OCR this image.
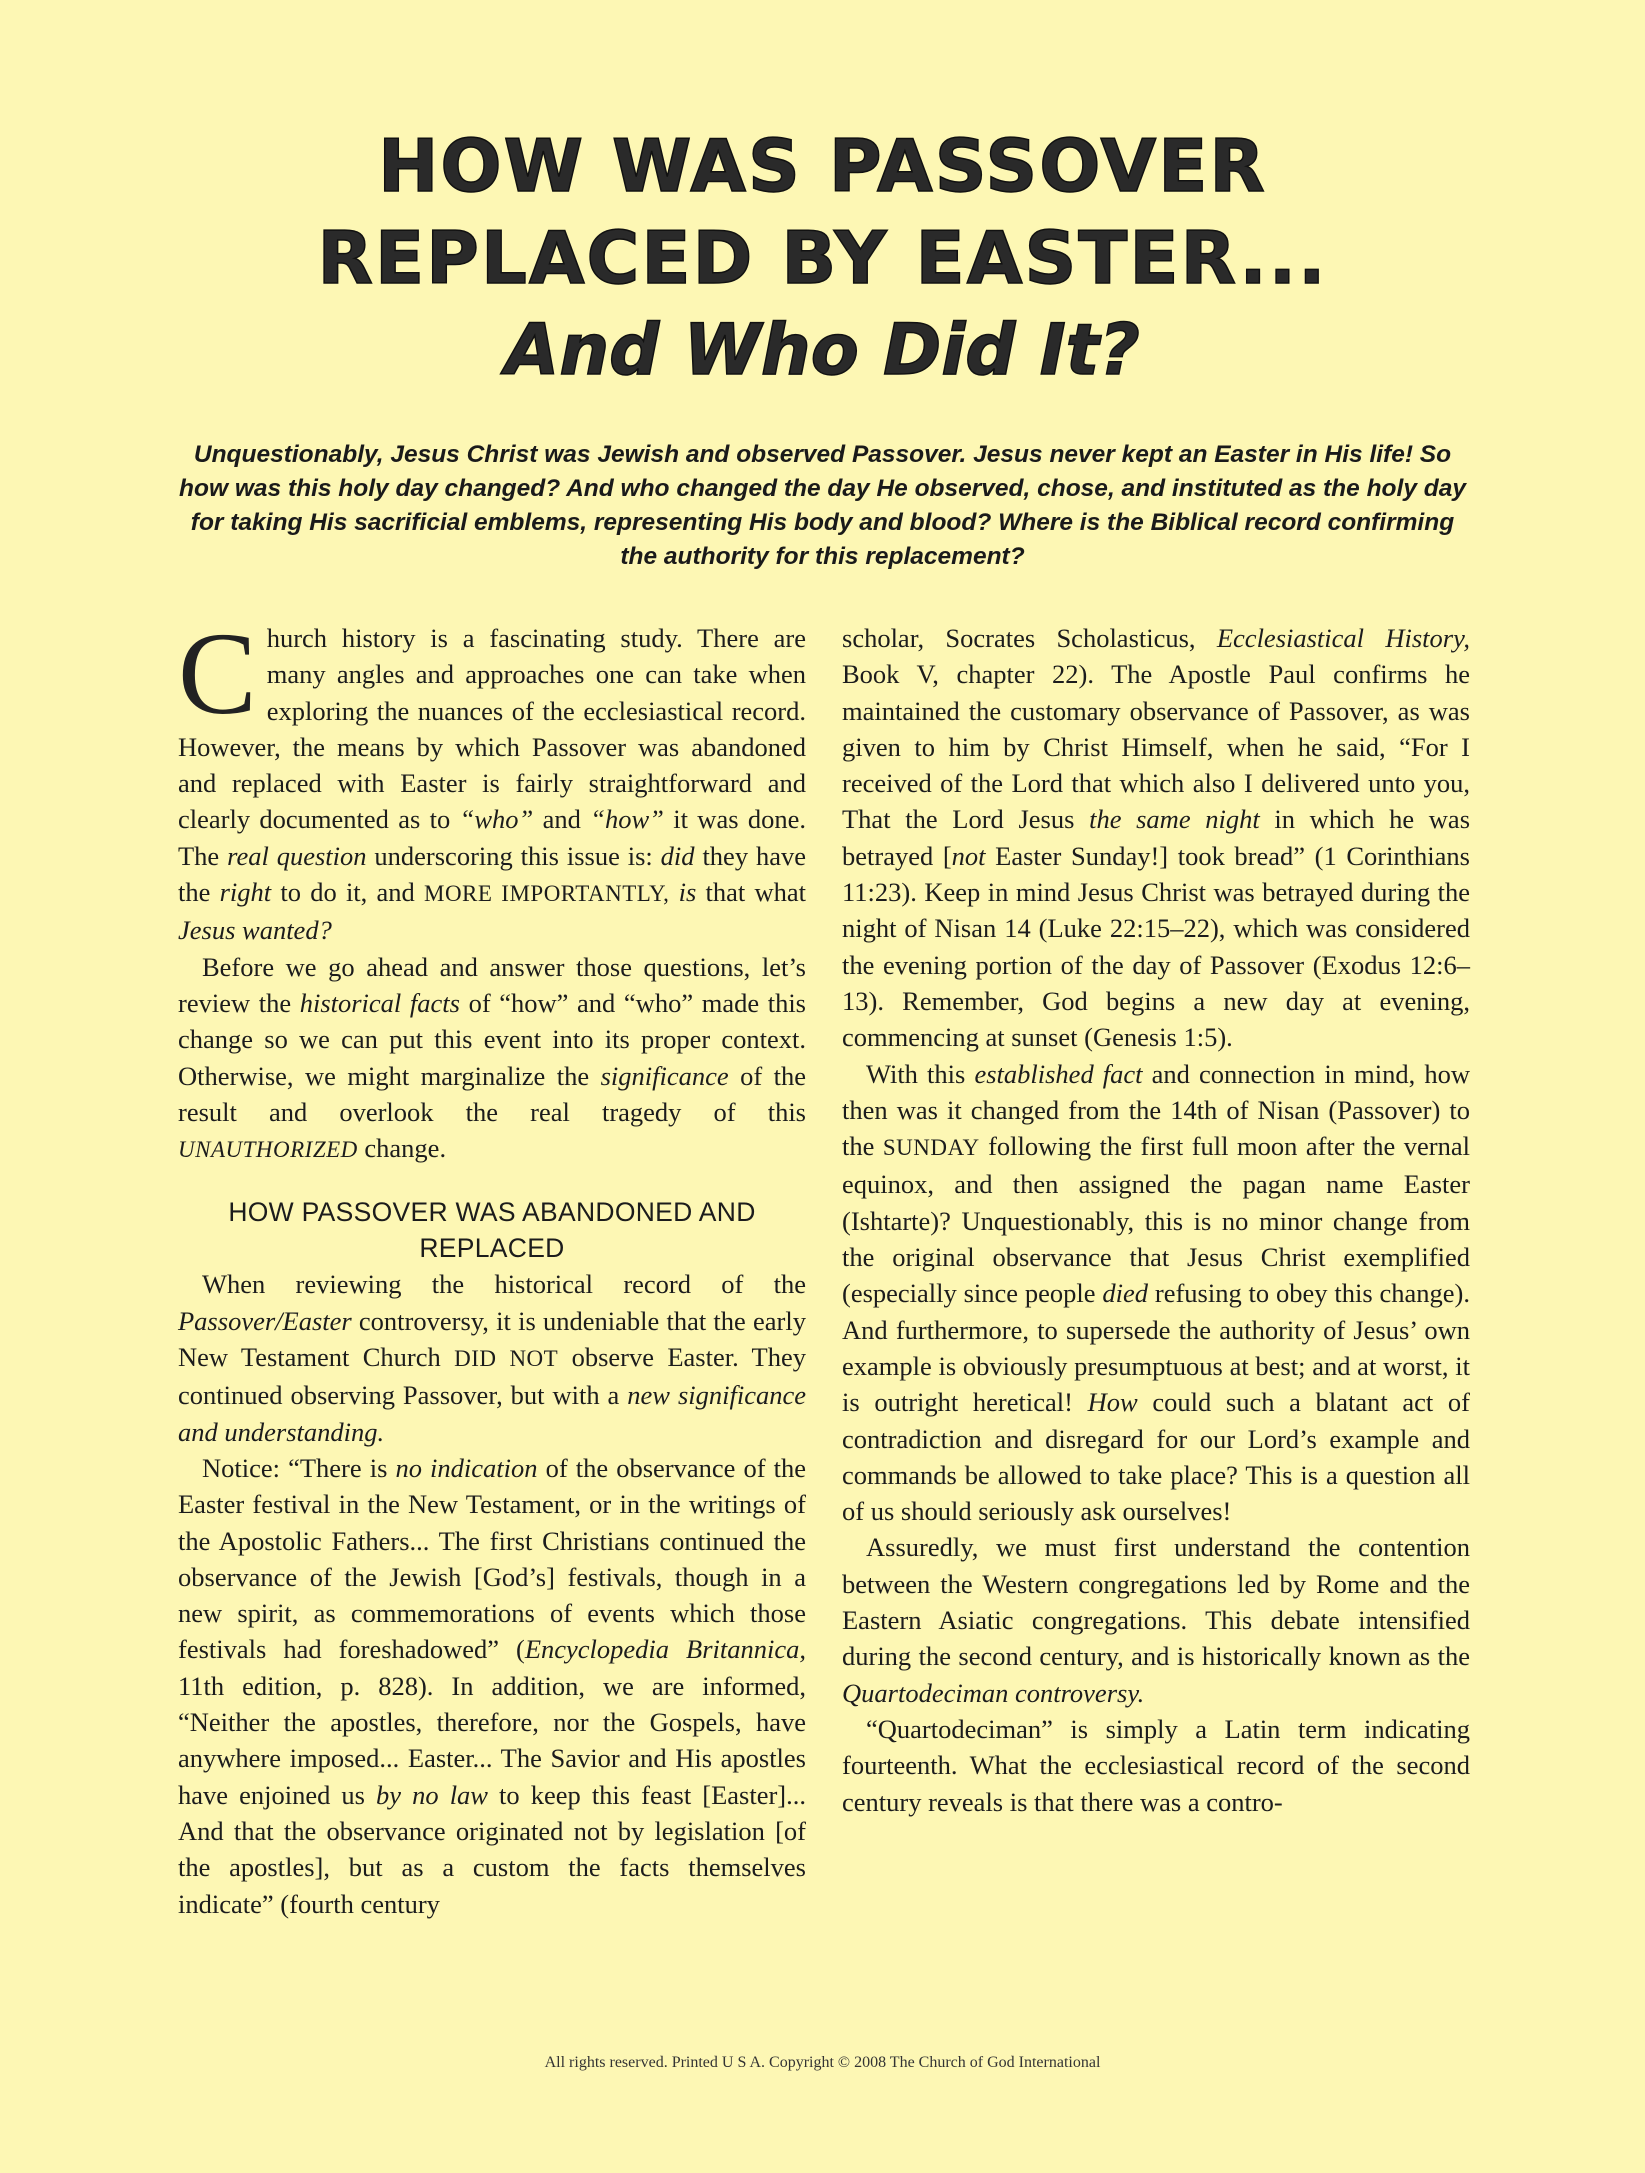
HOW WAS PASSOVER
REPLACED BY EASTER...
And Who Did It?
Unquestionably, Jesus Christ was Jewish and observed Passover. Jesus never kept an Easter in His life! So how was this holy day changed? And who changed the day He observed, chose, and instituted as the holy day for taking His sacrificial emblems, representing His body and blood? Where is the Biblical record confirming the authority for this replacement?

Church history is a fascinating study. There are many angles and approaches one can take when exploring the nuances of the ecclesiastical record. However, the means by which Passover was abandoned and replaced with Easter is fairly straightforward and clearly documented as to “who” and “how” it was done. The real question underscoring this issue is: did they have the right to do it, and MORE IMPORTANTLY, is that what Jesus wanted?

Before we go ahead and answer those questions, let’s review the historical facts of “how” and “who” made this change so we can put this event into its proper context. Otherwise, we might marginalize the significance of the result and overlook the real tragedy of this UNAUTHORIZED change.

HOW PASSOVER WAS ABANDONED AND REPLACED

When reviewing the historical record of the Passover/Easter controversy, it is undeniable that the early New Testament Church DID NOT observe Easter. They continued observing Passover, but with a new significance and understanding.

Notice: “There is no indication of the observance of the Easter festival in the New Testament, or in the writings of the Apostolic Fathers... The first Christians continued the observance of the Jewish [God’s] festivals, though in a new spirit, as commemorations of events which those festivals had foreshadowed” (Encyclopedia Britannica, 11th edition, p. 828). In addition, we are informed, “Neither the apostles, therefore, nor the Gospels, have anywhere imposed... Easter... The Savior and His apostles have enjoined us by no law to keep this feast [Easter]... And that the observance originated not by legislation [of the apostles], but as a custom the facts themselves indicate” (fourth century

scholar, Socrates Scholasticus, Ecclesiastical History, Book V, chapter 22). The Apostle Paul confirms he maintained the customary observance of Passover, as was given to him by Christ Himself, when he said, “For I received of the Lord that which also I delivered unto you, That the Lord Jesus the same night in which he was betrayed [not Easter Sunday!] took bread” (1 Corinthians 11:23). Keep in mind Jesus Christ was betrayed during the night of Nisan 14 (Luke 22:15–22), which was considered the evening portion of the day of Passover (Exodus 12:6–13). Remember, God begins a new day at evening, commencing at sunset (Genesis 1:5).

With this established fact and connection in mind, how then was it changed from the 14th of Nisan (Passover) to the SUNDAY following the first full moon after the vernal equinox, and then assigned the pagan name Easter (Ishtarte)? Unquestionably, this is no minor change from the original observance that Jesus Christ exemplified (especially since people died refusing to obey this change). And furthermore, to supersede the authority of Jesus’ own example is obviously presumptuous at best; and at worst, it is outright heretical! How could such a blatant act of contradiction and disregard for our Lord’s example and commands be allowed to take place? This is a question all of us should seriously ask ourselves!

Assuredly, we must first understand the contention between the Western congregations led by Rome and the Eastern Asiatic congregations. This debate intensified during the second century, and is historically known as the Quartodeciman controversy.

“Quartodeciman” is simply a Latin term indicating fourteenth. What the ecclesiastical record of the second century reveals is that there was a contro-

All rights reserved. Printed U S A. Copyright © 2008 The Church of God International
